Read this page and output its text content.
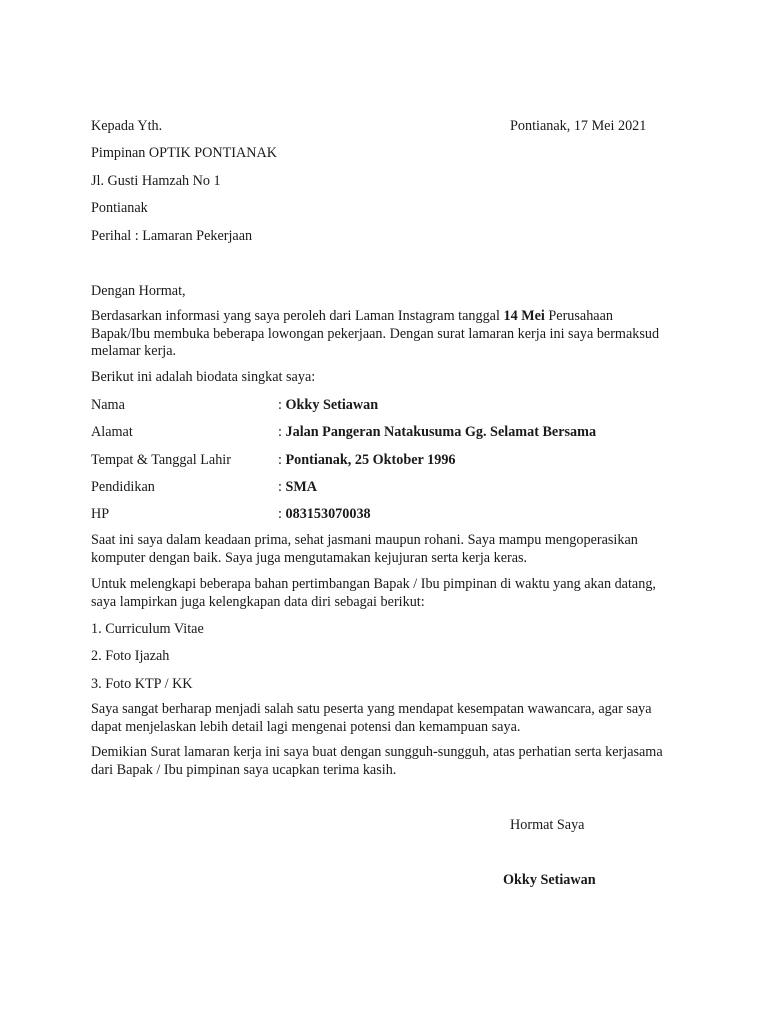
Kepada Yth.	Pontianak, 17 Mei 2021
Pimpinan OPTIK PONTIANAK
Jl. Gusti Hamzah No 1
Pontianak
Perihal : Lamaran Pekerjaan
Dengan Hormat,
Berdasarkan informasi yang saya peroleh dari Laman Instagram tanggal 14 Mei Perusahaan
Bapak/Ibu membuka beberapa lowongan pekerjaan. Dengan surat lamaran kerja ini saya bermaksud
melamar kerja.
Berikut ini adalah biodata singkat saya:
Nama	: Okky Setiawan
Alamat	: Jalan Pangeran Natakusuma Gg. Selamat Bersama
Tempat & Tanggal Lahir	: Pontianak, 25 Oktober 1996
Pendidikan	: SMA
HP	: 083153070038
Saat ini saya dalam keadaan prima, sehat jasmani maupun rohani. Saya mampu mengoperasikan
komputer dengan baik. Saya juga mengutamakan kejujuran serta kerja keras.
Untuk melengkapi beberapa bahan pertimbangan Bapak / Ibu pimpinan di waktu yang akan datang,
saya lampirkan juga kelengkapan data diri sebagai berikut:
1. Curriculum Vitae
2. Foto Ijazah
3. Foto KTP / KK
Saya sangat berharap menjadi salah satu peserta yang mendapat kesempatan wawancara, agar saya
dapat menjelaskan lebih detail lagi mengenai potensi dan kemampuan saya.
Demikian Surat lamaran kerja ini saya buat dengan sungguh-sungguh, atas perhatian serta kerjasama
dari Bapak / Ibu pimpinan saya ucapkan terima kasih.
Hormat Saya
Okky Setiawan
